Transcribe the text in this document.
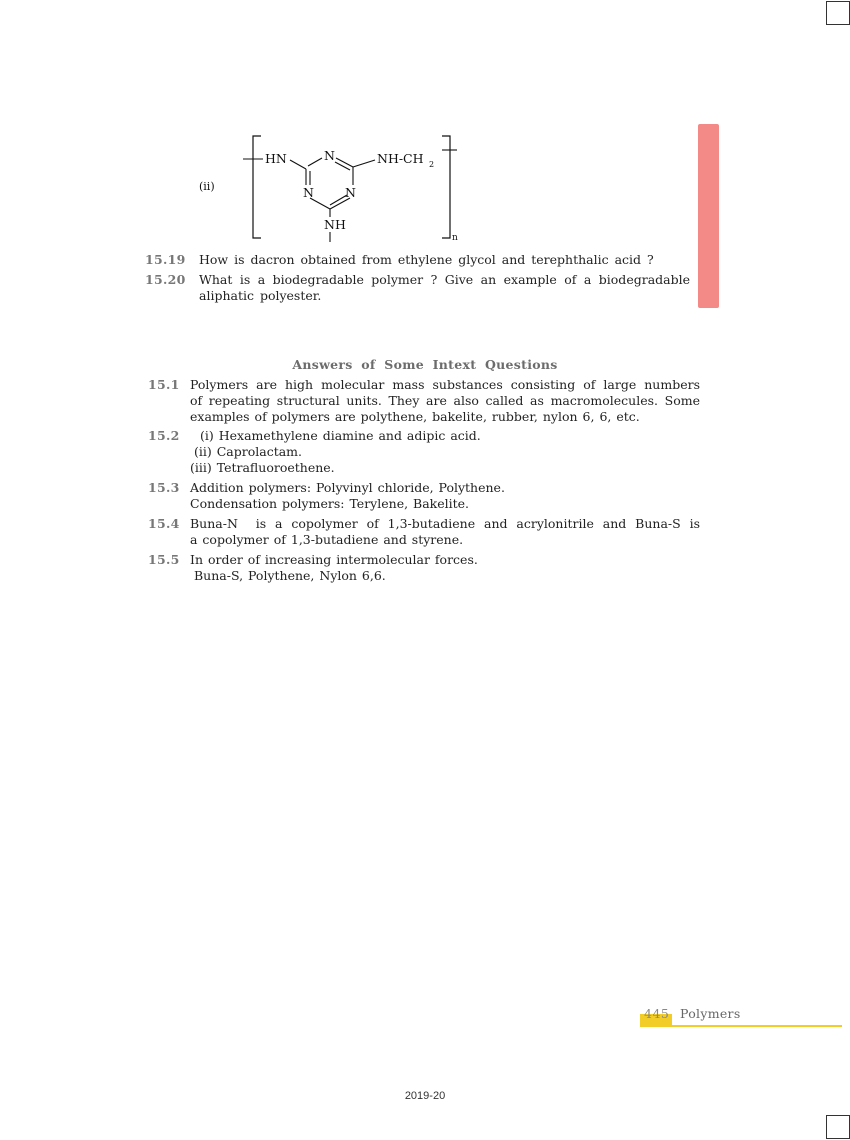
(ii)
HN	NH-CH 2
N
N N
NH
n
15.19 How is dacron obtained from ethylene glycol and terephthalic acid ?
15.20 What is a biodegradable polymer ? Give an example of a biodegradable
aliphatic polyester.
Answers of Some Intext Questions
15.1 Polymers are high molecular mass substances consisting of large numbers
of repeating structural units. They are also called as macromolecules. Some
examples of polymers are polythene, bakelite, rubber, nylon 6, 6, etc.
15.2	(i) Hexamethylene diamine and adipic acid.
(ii) Caprolactam.
(iii) Tetrafluoroethene.
15.3 Addition polymers: Polyvinyl chloride, Polythene.
Condensation polymers: Terylene, Bakelite.
15.4 Buna-N  is a copolymer of 1,3-butadiene and acrylonitrile and Buna-S is
a copolymer of 1,3-butadiene and styrene.
15.5 In order of increasing intermolecular forces.
Buna-S, Polythene, Nylon 6,6.
445 Polymers
2019-20
